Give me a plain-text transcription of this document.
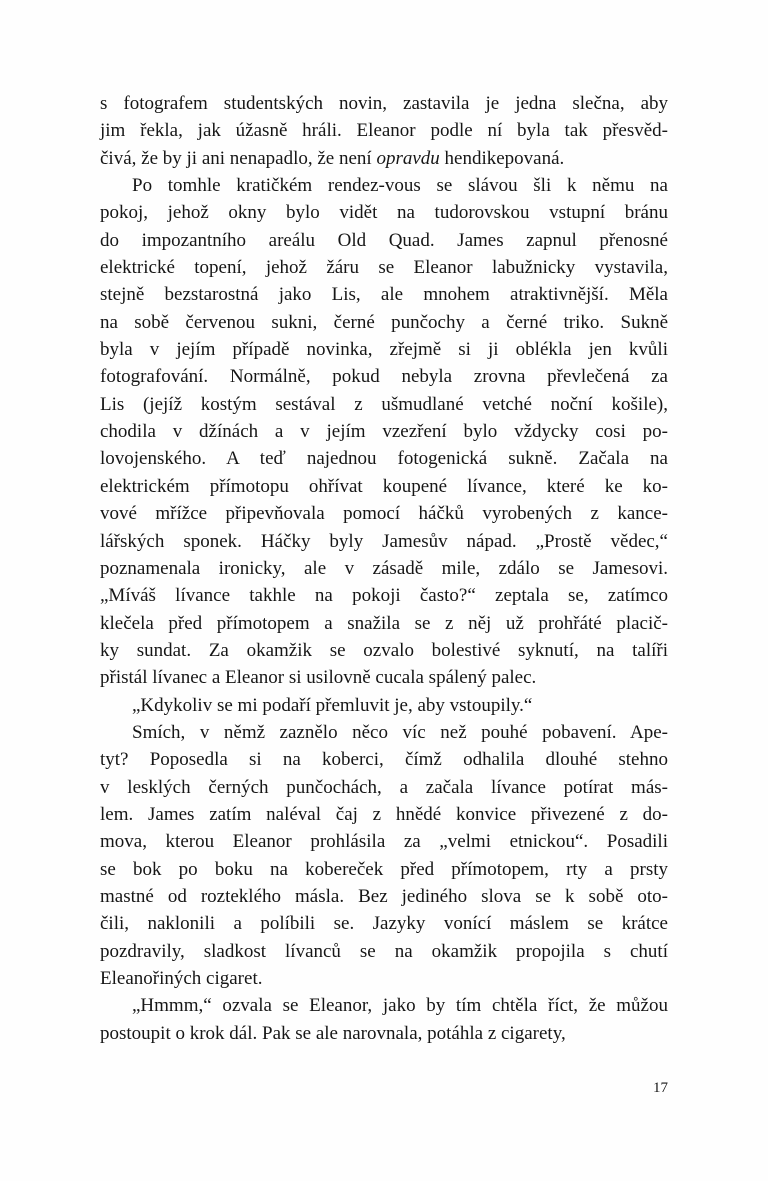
s fotografem studentských novin, zastavila je jedna slečna, aby
jim řekla, jak úžasně hráli. Eleanor podle ní byla tak přesvěd-
čivá, že by ji ani nenapadlo, že není opravdu hendikepovaná.
Po tomhle kratičkém rendez-vous se slávou šli k němu na
pokoj, jehož okny bylo vidět na tudorovskou vstupní bránu
do impozantního areálu Old Quad. James zapnul přenosné
elektrické topení, jehož žáru se Eleanor labužnicky vystavila,
stejně bezstarostná jako Lis, ale mnohem atraktivnější. Měla
na sobě červenou sukni, černé punčochy a černé triko. Sukně
byla v jejím případě novinka, zřejmě si ji oblékla jen kvůli
fotografování. Normálně, pokud nebyla zrovna převlečená za
Lis (jejíž kostým sestával z ušmudlané vetché noční košile),
chodila v džínách a v jejím vzezření bylo vždycky cosi po-
lovojenského. A teď najednou fotogenická sukně. Začala na
elektrickém přímotopu ohřívat koupené lívance, které ke ko-
vové mřížce připevňovala pomocí háčků vyrobených z kance-
lářských sponek. Háčky byly Jamesův nápad. „Prostě vědec,“
poznamenala ironicky, ale v zásadě mile, zdálo se Jamesovi.
„Míváš lívance takhle na pokoji často?“ zeptala se, zatímco
klečela před přímotopem a snažila se z něj už prohřáté placič-
ky sundat. Za okamžik se ozvalo bolestivé syknutí, na talíři
přistál lívanec a Eleanor si usilovně cucala spálený palec.
„Kdykoliv se mi podaří přemluvit je, aby vstoupily.“
Smích, v němž zaznělo něco víc než pouhé pobavení. Ape-
tyt? Poposedla si na koberci, čímž odhalila dlouhé stehno
v lesklých černých punčochách, a začala lívance potírat más-
lem. James zatím naléval čaj z hnědé konvice přivezené z do-
mova, kterou Eleanor prohlásila za „velmi etnickou“. Posadili
se bok po boku na kobereček před přímotopem, rty a prsty
mastné od rozteklého másla. Bez jediného slova se k sobě oto-
čili, naklonili a políbili se. Jazyky vonící máslem se krátce
pozdravily, sladkost lívanců se na okamžik propojila s chutí
Eleanořiných cigaret.
„Hmmm,“ ozvala se Eleanor, jako by tím chtěla říct, že můžou
postoupit o krok dál. Pak se ale narovnala, potáhla z cigarety,
17
